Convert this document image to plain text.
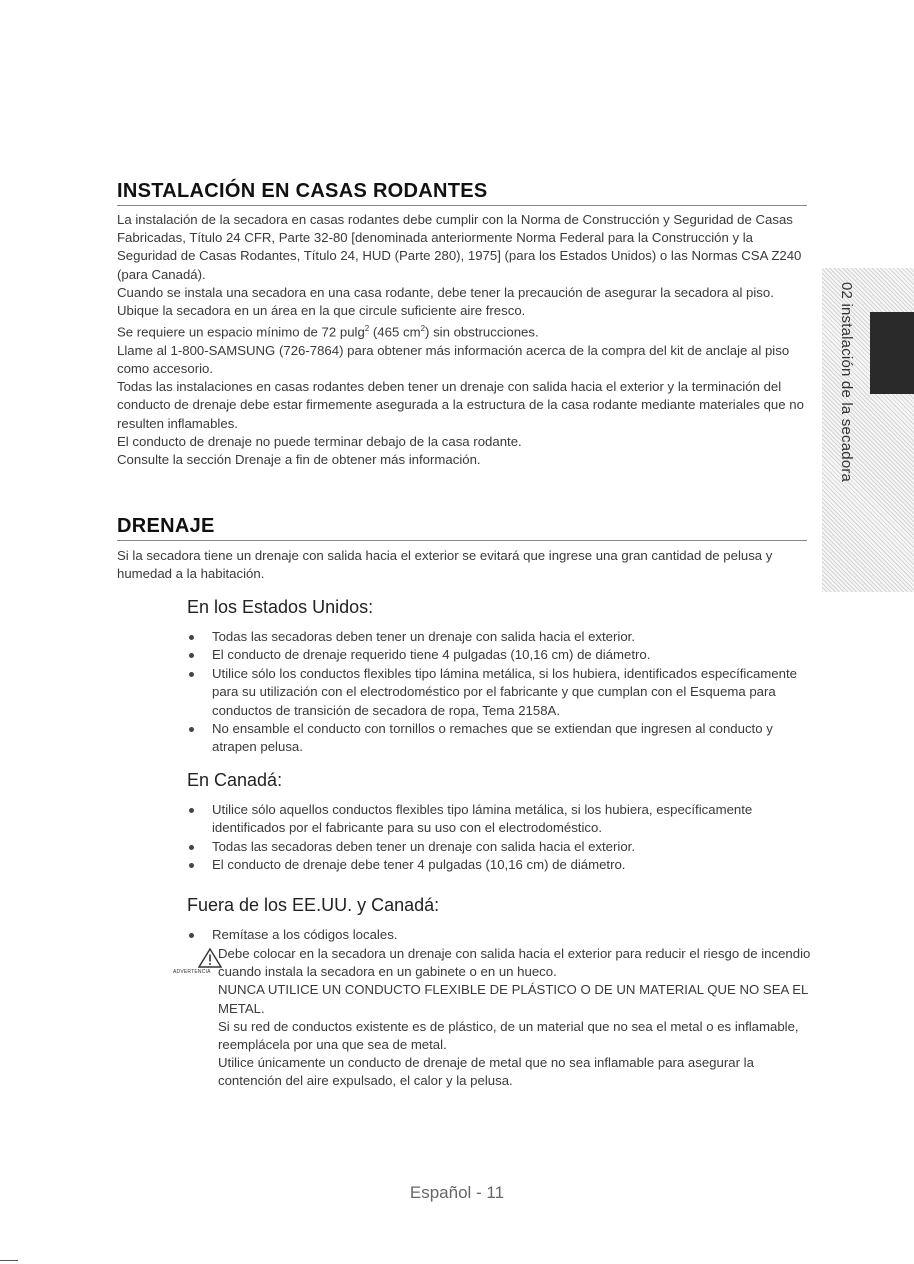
INSTALACIÓN EN CASAS RODANTES

La instalación de la secadora en casas rodantes debe cumplir con la Norma de Construcción y Seguridad de Casas Fabricadas, Título 24 CFR, Parte 32-80 [denominada anteriormente Norma Federal para la Construcción y la Seguridad de Casas Rodantes, Título 24, HUD (Parte 280), 1975] (para los Estados Unidos) o las Normas CSA Z240 (para Canadá).

Cuando se instala una secadora en una casa rodante, debe tener la precaución de asegurar la secadora al piso.

Ubique la secadora en un área en la que circule suficiente aire fresco.

Se requiere un espacio mínimo de 72 pulg$^2$ (465 $cm^2$) sin obstrucciones.

Llame al 1-800-SAMSUNG (726-7864) para obtener más información acerca de la compra del kit de anclaje al piso como accesorio.

Todas las instalaciones en casas rodantes deben tener un drenaje con salida hacia el exterior y la terminación del conducto de drenaje debe estar firmemente asegurada a la estructura de la casa rodante mediante materiales que no resulten inflamables.

El conducto de drenaje no puede terminar debajo de la casa rodante.

Consulte la sección Drenaje a fin de obtener más información.

DRENAJE

Si la secadora tiene un drenaje con salida hacia el exterior se evitará que ingrese una gran cantidad de pelusa y humedad a la habitación.

En los Estados Unidos:
Todas las secadoras deben tener un drenaje con salida hacia el exterior.
El conducto de drenaje requerido tiene 4 pulgadas (10,16 cm) de diámetro.
Utilice sólo los conductos flexibles tipo lámina metálica, si los hubiera, identificados específicamente para su utilización con el electrodoméstico por el fabricante y que cumplan con el Esquema para conductos de transición de secadora de ropa, Tema 2158A.
No ensamble el conducto con tornillos o remaches que se extiendan que ingresen al conducto y atrapen pelusa.
En Canadá:
Utilice sólo aquellos conductos flexibles tipo lámina metálica, si los hubiera, específicamente identificados por el fabricante para su uso con el electrodoméstico.
Todas las secadoras deben tener un drenaje con salida hacia el exterior.
El conducto de drenaje debe tener 4 pulgadas (10,16 cm) de diámetro.
Fuera de los EE.UU. y Canadá:
Remítase a los códigos locales.
ADVERTENCIA

Debe colocar en la secadora un drenaje con salida hacia el exterior para reducir el riesgo de incendio cuando instala la secadora en un gabinete o en un hueco.

NUNCA UTILICE UN CONDUCTO FLEXIBLE DE PLÁSTICO O DE UN MATERIAL QUE NO SEA EL METAL.

Si su red de conductos existente es de plástico, de un material que no sea el metal o es inflamable, reemplácela por una que sea de metal.

Utilice únicamente un conducto de drenaje de metal que no sea inflamable para asegurar la contención del aire expulsado, el calor y la pelusa.

Español - 11
02 instalación de la secadora
